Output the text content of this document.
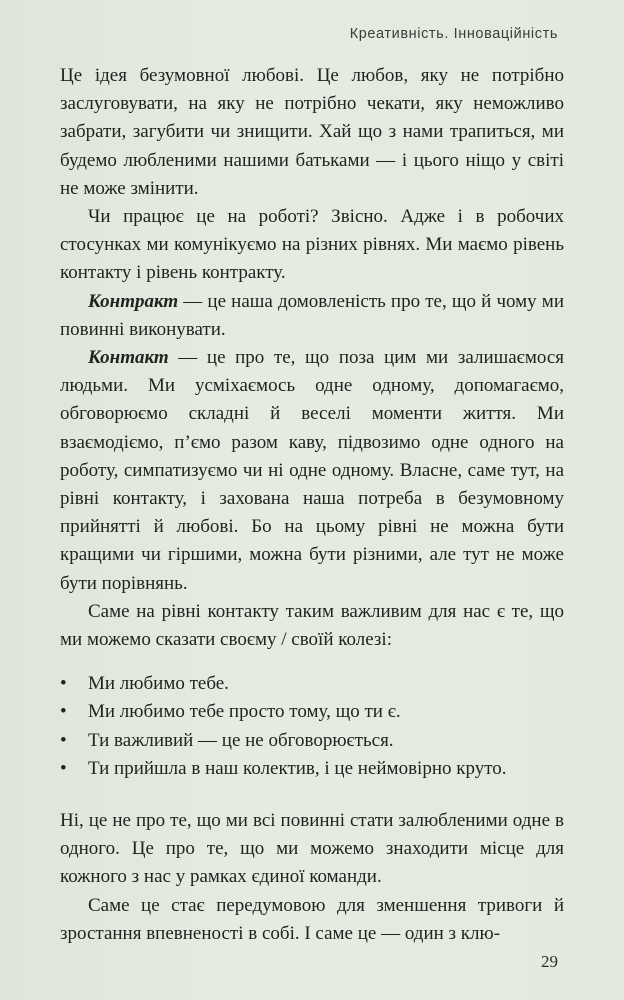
Креативність. Інноваційність

Це ідея безумовної любові. Це любов, яку не потрібно заслуговувати, на яку не потрібно чекати, яку неможливо забрати, загубити чи знищити. Хай що з нами трапиться, ми будемо любленими нашими батьками — і цього ніщо у світі не може змінити.

Чи працює це на роботі? Звісно. Адже і в робочих стосунках ми комунікуємо на різних рівнях. Ми маємо рівень контакту і рівень контракту.

Контракт — це наша домовленість про те, що й чому ми повинні виконувати.

Контакт — це про те, що поза цим ми залишаємося людьми. Ми усміхаємось одне одному, допомагаємо, обговорюємо складні й веселі моменти життя. Ми взаємодіємо, п’ємо разом каву, підвозимо одне одного на роботу, симпатизуємо чи ні одне одному. Власне, саме тут, на рівні контакту, і захована наша потреба в безумовному прийнятті й любові. Бо на цьому рівні не можна бути кращими чи гіршими, можна бути різними, але тут не може бути порівнянь.

Саме на рівні контакту таким важливим для нас є те, що ми можемо сказати своєму / своїй колезі:

• Ми любимо тебе.
• Ми любимо тебе просто тому, що ти є.
• Ти важливий — це не обговорюється.
• Ти прийшла в наш колектив, і це неймовірно круто.

Ні, це не про те, що ми всі повинні стати залюбленими одне в одного. Це про те, що ми можемо знаходити місце для кожного з нас у рамках єдиної команди.

Саме це стає передумовою для зменшення тривоги й зростання впевненості в собі. І саме це — один з клю-

29
